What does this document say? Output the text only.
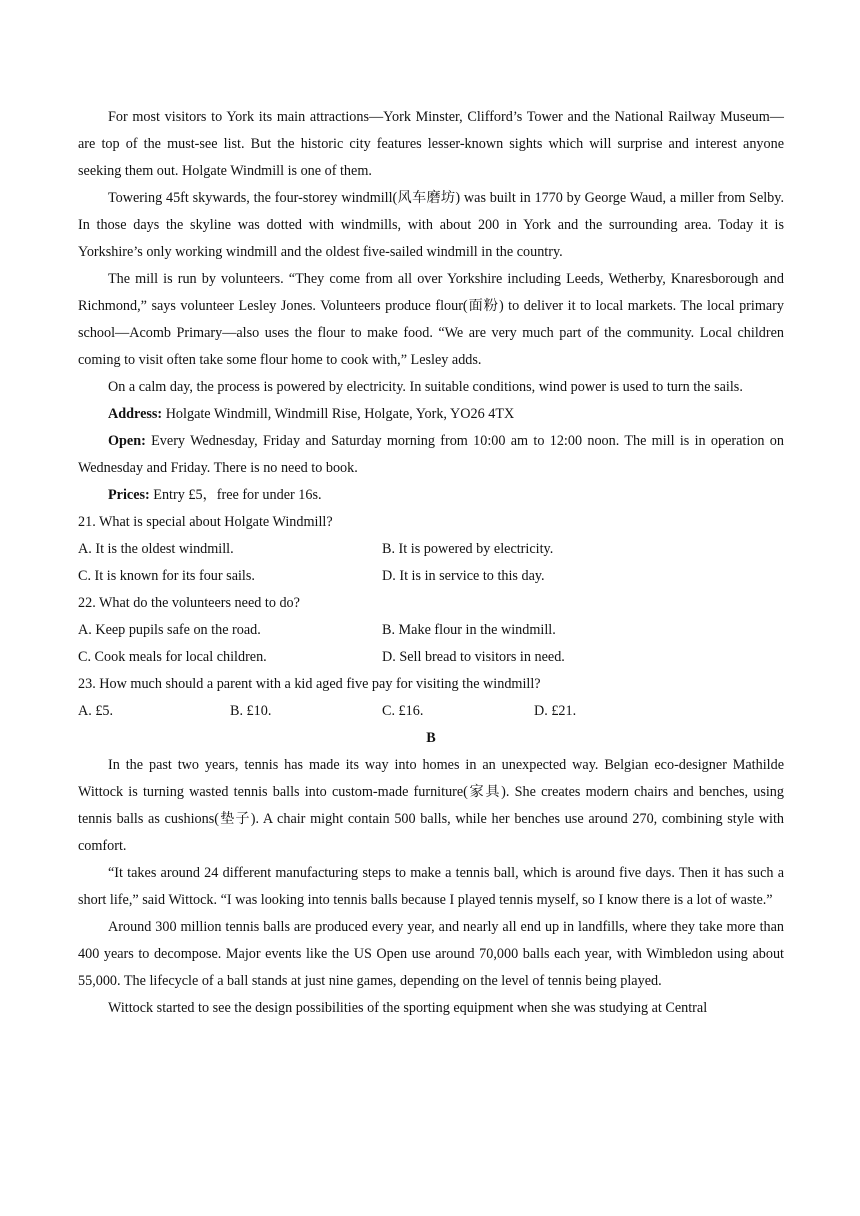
For most visitors to York its main attractions—York Minster, Clifford’s Tower and the National Railway Museum—are top of the must-see list. But the historic city features lesser-known sights which will surprise and interest anyone seeking them out. Holgate Windmill is one of them.

Towering 45ft skywards, the four-storey windmill(风车磨坊) was built in 1770 by George Waud, a miller from Selby. In those days the skyline was dotted with windmills, with about 200 in York and the surrounding area. Today it is Yorkshire’s only working windmill and the oldest five-sailed windmill in the country.

The mill is run by volunteers. “They come from all over Yorkshire including Leeds, Wetherby, Knaresborough and Richmond,” says volunteer Lesley Jones. Volunteers produce flour(面粉) to deliver it to local markets. The local primary school—Acomb Primary—also uses the flour to make food. “We are very much part of the community. Local children coming to visit often take some flour home to cook with,” Lesley adds.

On a calm day, the process is powered by electricity. In suitable conditions, wind power is used to turn the sails.

Address: Holgate Windmill, Windmill Rise, Holgate, York, YO26 4TX

Open: Every Wednesday, Friday and Saturday morning from 10:00 am to 12:00 noon. The mill is in operation on Wednesday and Friday. There is no need to book.

Prices: Entry £5，free for under 16s.

21. What is special about Holgate Windmill?

A. It is the oldest windmill.	B. It is powered by electricity.
C. It is known for its four sails.	D. It is in service to this day.

22. What do the volunteers need to do?

A. Keep pupils safe on the road.	B. Make flour in the windmill.
C. Cook meals for local children.	D. Sell bread to visitors in need.

23. How much should a parent with a kid aged five pay for visiting the windmill?

A. £5.	B. £10.	C. £16.	D. £21.

B

In the past two years, tennis has made its way into homes in an unexpected way. Belgian eco-designer Mathilde Wittock is turning wasted tennis balls into custom-made furniture(家具). She creates modern chairs and benches, using tennis balls as cushions(垫子). A chair might contain 500 balls, while her benches use around 270, combining style with comfort.

“It takes around 24 different manufacturing steps to make a tennis ball, which is around five days. Then it has such a short life,” said Wittock. “I was looking into tennis balls because I played tennis myself, so I know there is a lot of waste.”

Around 300 million tennis balls are produced every year, and nearly all end up in landfills, where they take more than 400 years to decompose. Major events like the US Open use around 70,000 balls each year, with Wimbledon using about 55,000. The lifecycle of a ball stands at just nine games, depending on the level of tennis being played.

Wittock started to see the design possibilities of the sporting equipment when she was studying at Central
